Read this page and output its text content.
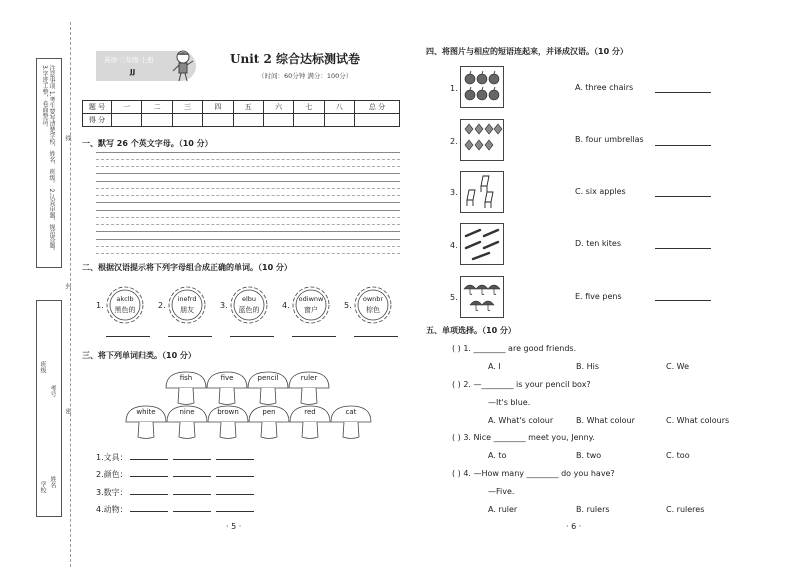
注意事项 1.考生要写清楚学校、姓名、班级。 2.认真审题，规范答题。 3.字迹工整，卷面整洁。
班级
考号
姓名
学校
线
封
密
英语·三年级·上册
JJ
Unit 2 综合达标测试卷
（时间：60分钟 满分：100分）
题 号	一	二	三	四	五	六	七	八	总 分
得 分									
一、默写 26 个英文字母。（10 分）
二、根据汉语提示将下列字母组合成正确的单词。（10 分）
1.
akclb
黑色的	2.
inefrd
朋友	3.
elbu
蓝色的	4.
odiwnw
窗户	5.
ownbr
棕色
三、将下列单词归类。（10 分）
fish	five	pencil	ruler
white	nine	brown	pen	red	cat
1.文具：
2.颜色：
3.数字：
4.动物：
· 5 ·
四、将图片与相应的短语连起来，并译成汉语。（10 分）
1.	A. three chairs
2.	B. four umbrellas
3.	C. six apples
4.	D. ten kites
5.	E. five pens
五、单项选择。（10 分）
( ) 1. ________ are good friends.
A. I	B. His	C. We
( ) 2. —________ is your pencil box?
—It's blue.
A. What's colour	B. What colour	C. What colours
( ) 3. Nice ________ meet you, Jenny.
A. to	B. two	C. too
( ) 4. —How many ________ do you have?
—Five.
A. ruler	B. rulers	C. ruleres
· 6 ·
